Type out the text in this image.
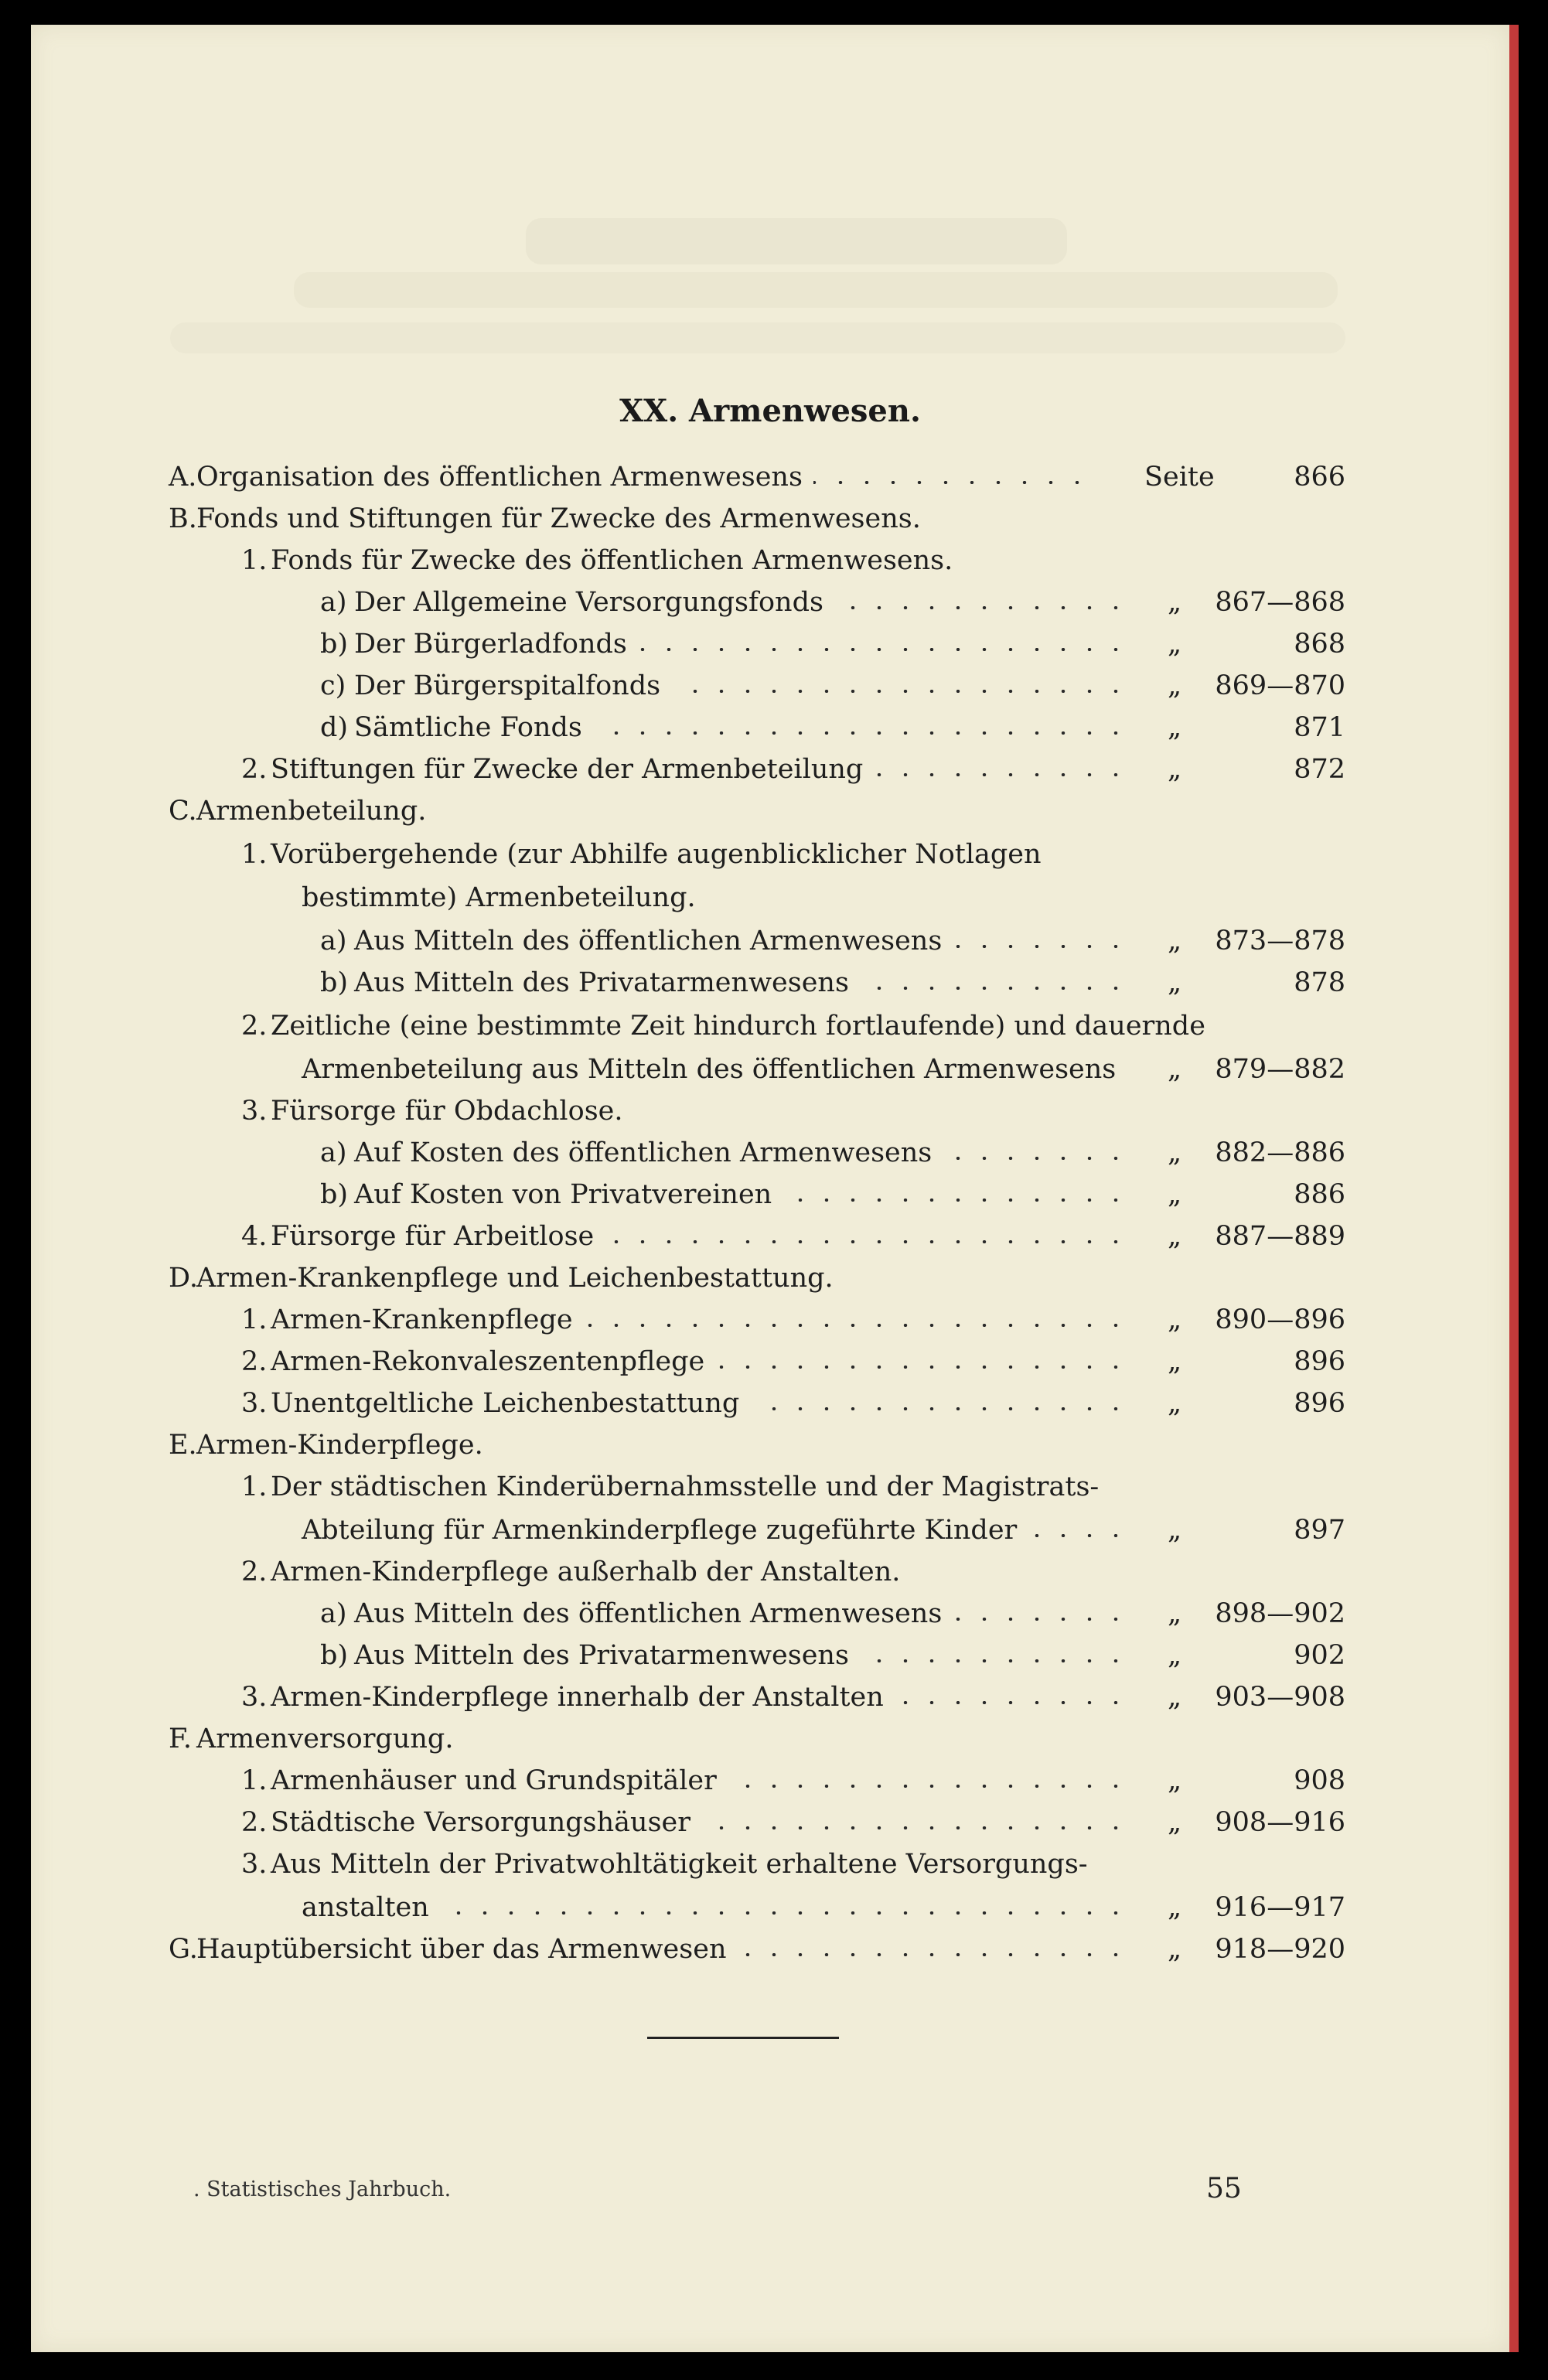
XX. Armenwesen.
A. Organisation des öffentlichen Armenwesens	Seite	866
B. Fonds und Stiftungen für Zwecke des Armenwesens.
1. Fonds für Zwecke des öffentlichen Armenwesens.
a) Der Allgemeine Versorgungsfonds	„ 867—868
b) Der Bürgerladfonds	„	868
c) Der Bürgerspitalfonds	„ 869—870
d) Sämtliche Fonds	„	871
2. Stiftungen für Zwecke der Armenbeteilung	„	872
C. Armenbeteilung.
1. Vorübergehende (zur Abhilfe augenblicklicher Notlagen
bestimmte) Armenbeteilung.
a) Aus Mitteln des öffentlichen Armenwesens	„ 873—878
b) Aus Mitteln des Privatarmenwesens	„	878
2. Zeitliche (eine bestimmte Zeit hindurch fortlaufende) und dauernde
Armenbeteilung aus Mitteln des öffentlichen Armenwesens „ 879—882
3. Fürsorge für Obdachlose.
a) Auf Kosten des öffentlichen Armenwesens	„ 882—886
b) Auf Kosten von Privatvereinen	„	886
4. Fürsorge für Arbeitlose	„ 887—889
D.
Armen-Krankenpflege und Leichenbestattung.
1. Armen-Krankenpflege	„ 890—896
2. Armen-Rekonvaleszentenpflege	„	896
3. Unentgeltliche Leichenbestattung	„	896
E. Armen-Kinderpflege.
1. Der städtischen Kinderübernahmsstelle und der Magistrats-
Abteilung für Armenkinderpflege zugeführte Kinder	„	897
2. Armen-Kinderpflege außerhalb der Anstalten.
a) Aus Mitteln des öffentlichen Armenwesens	„ 898—902
b) Aus Mitteln des Privatarmenwesens	„	902
3. Armen-Kinderpflege innerhalb der Anstalten	„ 903—908
F. Armenversorgung.
1. Armenhäuser und Grundspitäler	„	908
2. Städtische Versorgungshäuser	„ 908—916
3. Aus Mitteln der Privatwohltätigkeit erhaltene Versorgungs-
anstalten	„ 916—917
G.
Hauptübersicht über das Armenwesen	„ 918—920
. Statistisches Jahrbuch.	55
